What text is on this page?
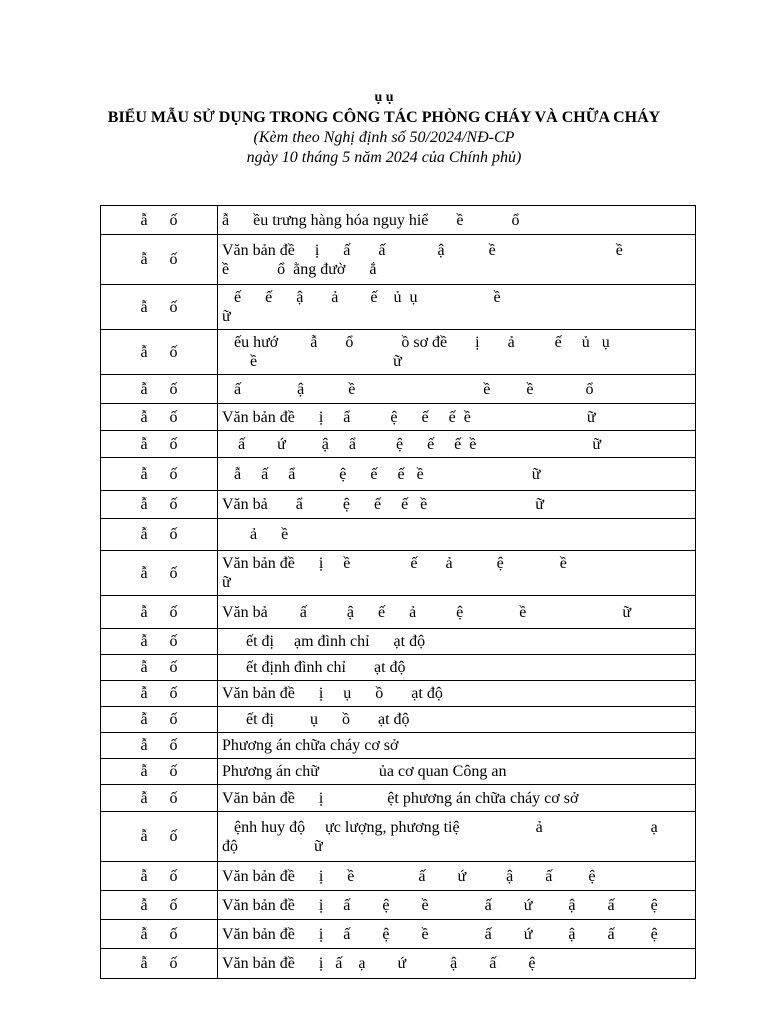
ụ ụ
BIỂU MẪU SỬ DỤNG TRONG CÔNG TÁC PHÒNG CHÁY VÀ CHỮA CHÁY
(Kèm theo Nghị định số 50/2024/NĐ-CP
ngày 10 tháng 5 năm 2024 của Chính phủ)
ẫ ố	ẫ      ều trưng hàng hóa nguy hiể       ề            ổ

ẫ ố	Văn bản đề     ị      ấ       ấ             ậ           ề                              ề
ề            ổ  ằng đườ      ắ

ẫ ố	ế      ế      ậ       ả        ế    ủ  ụ                   ề
ữ

ẫ ố	ếu hướ        ẫ       ổ            ồ sơ đề       ị       ả          ế     ủ   ụ
ề                                  ữ

ẫ ố	ấ              ậ           ề                                ề         ề             ổ

ẫ ố	Văn bản đề      ị     ẩ          ệ      ế     ế  ề                             ữ

ẫ ố	ấ        ứ         ậ     ẩ          ệ      ế     ế  ề                             ữ

ẫ ố	ẫ     ấ     ẩ           ệ      ế     ế   ề                           ữ

ẫ ố	Văn bả       ẩ          ệ      ế     ế   ề                           ữ

ẫ ố	ả      ề

ẫ ố	Văn bản đề      ị     ề               ế       ả           ệ              ề
ữ

ẫ ố	Văn bả        ấ          ậ      ế      ả          ệ              ề                        ữ

ẫ ố	ết đị     ạm đình chỉ      ạt độ

ẫ ố	ết định đình chỉ       ạt độ

ẫ ố	Văn bản đề      ị     ụ      ồ       ạt độ

ẫ ố	ết đị         ụ      ồ       ạt độ

ẫ ố	Phương án chữa cháy cơ sở

ẫ ố	Phương án chữ               ủa cơ quan Công an

ẫ ố	Văn bản đề      ị                ệt phương án chữa cháy cơ sở

ẫ ố	ệnh huy độ     ực lượng, phương tiệ                   ả                           ạ
độ                   ữ

ẫ ố	Văn bản đề      ị      ề                ấ        ứ          ậ        ấ         ệ

ẫ ố	Văn bản đề      ị     ấ        ệ        ề              ấ        ứ         ậ        ấ         ệ

ẫ ố	Văn bản đề      ị     ấ        ệ        ề              ấ        ứ         ậ        ấ         ệ

ẫ ố	Văn bản đề      ị   ấ    ạ        ứ           ậ        ấ        ệ
